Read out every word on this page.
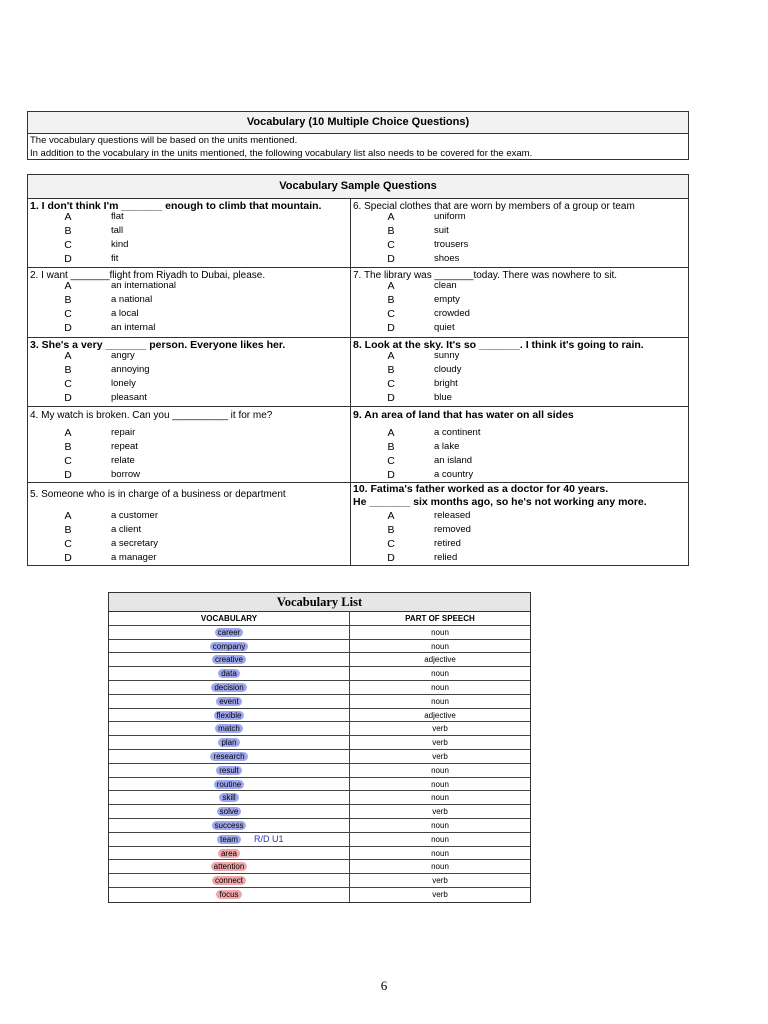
Vocabulary (10 Multiple Choice Questions)
The vocabulary questions will be based on the units mentioned.
In addition to the vocabulary in the units mentioned, the following vocabulary list also needs to be covered for the exam.
Vocabulary Sample Questions
1. I don't think I'm _______ enough to climb that mountain.
A	flat
B	tall
C	kind
D	fit
6. Special clothes that are worn by members of a group or team
A	uniform
B	suit
C	trousers
D	shoes
2. I want _______flight from Riyadh to Dubai, please.
A	an international
B	a national
C	a local
D	an internal
7. The library was _______today. There was nowhere to sit.
A	clean
B	empty
C	crowded
D	quiet
3. She's a very _______ person. Everyone likes her.
A	angry
B	annoying
C	lonely
D	pleasant
8. Look at the sky. It's so _______. I think it's going to rain.
A	sunny
B	cloudy
C	bright
D	blue
4. My watch is broken. Can you __________ it for me?
A	repair
B	repeat
C	relate
D	borrow
9. An area of land that has water on all sides
A	a continent
B	a lake
C	an island
D	a country
5. Someone who is in charge of a business or department
A	a customer
B	a client
C	a secretary
D	a manager
10. Fatima's father worked as a doctor for 40 years.
He _______ six months ago, so he's not working any more.
A	released
B	removed
C	retired
D	relied
Vocabulary List
VOCABULARY	PART OF SPEECH
career	noun
company	noun
creative	adjective
data	noun
decision	noun
event	noun
flexible	adjective
match	verb
plan	verb
research	verb
result	noun
routine	noun
skill	noun
solve	verb
success	noun
team R/D U1	noun
area	noun
attention	noun
connect	verb
focus	verb
6
